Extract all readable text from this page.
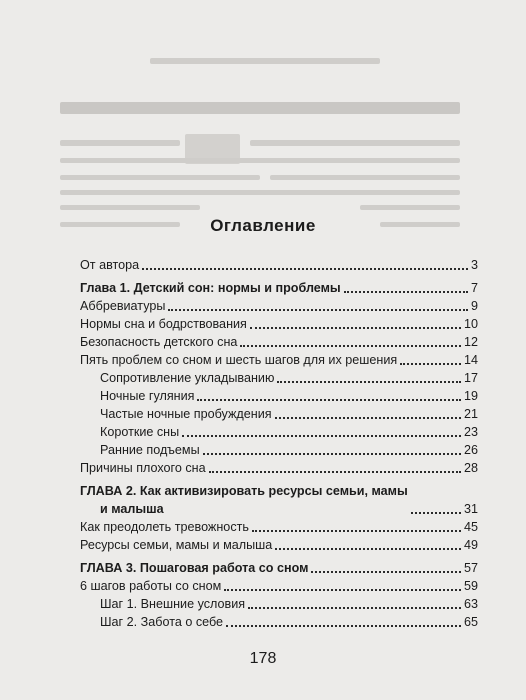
Оглавление
От автора	3
Глава 1. Детский сон: нормы и проблемы	7
Аббревиатуры	9
Нормы сна и бодрствования	10
Безопасность детского сна	12
Пять проблем со сном и шесть шагов для их решения	14
Сопротивление укладыванию	17
Ночные гуляния	19
Частые ночные пробуждения	21
Короткие сны	23
Ранние подъемы	26
Причины плохого сна	28
ГЛАВА 2. Как активизировать ресурсы семьи, мамы
и малыша	31
Как преодолеть тревожность	45
Ресурсы семьи, мамы и малыша	49
ГЛАВА 3. Пошаговая работа со сном	57
6 шагов работы со сном	59
Шаг 1. Внешние условия	63
Шаг 2. Забота о себе	65
178
